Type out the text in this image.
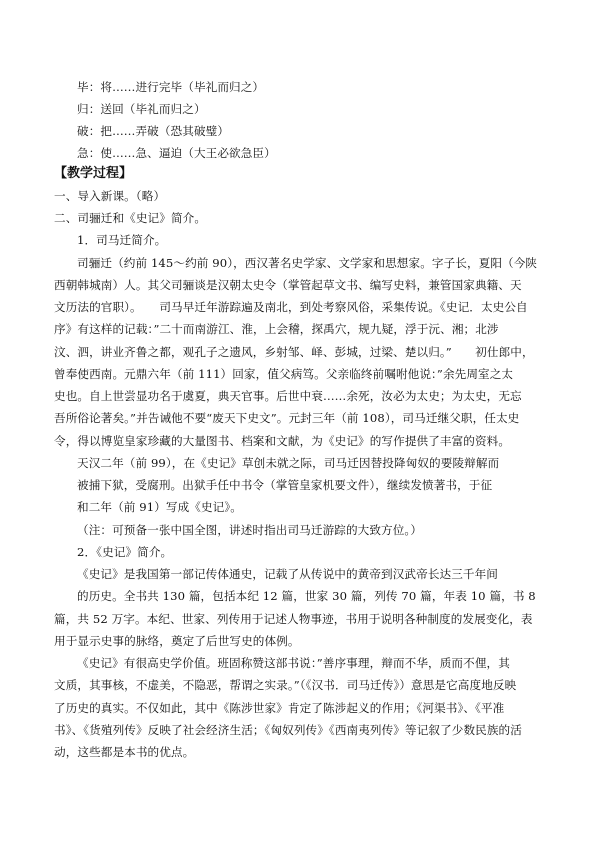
毕：将……进行完毕（毕礼而归之）
归：送回（毕礼而归之）
破：把……弄破（恐其破璧）
急：使……急、逼迫（大王必欲急臣）
【教学过程】
一、导入新课。（略）
二、司骊迁和《史记》简介。
1．司马迁简介。
司骊迁（约前 145～约前 90），西汉著名史学家、文学家和思想家。字子长，夏阳（今陕
西朝韩城南）人。其父司骊谈是汉朝太史令（掌管起草文书、编写史料，兼管国家典籍、天
文历法的官职）。　　司马早迁年游踪遍及南北，到处考察风俗，采集传说。《史记．太史公自
序》有这样的记载：”二十而南游江、淮，上会稽，探禹穴，规九疑，浮于沅、湘；北涉
汶、泗，讲业齐鲁之都，观孔子之遗风，乡射邹、峄、彭城，过梁、楚以归。”　　初仕郎中，
曾奉使西南。元鼎六年（前 111）回家，值父病笃。父亲临终前嘱咐他说：”余先周室之太
史也。自上世尝显功名于虞夏，典天官事。后世中衰……余死，汝必为太史；为太史，无忘
吾所俗论著矣。”并告诫他不要“废天下史文”。元封三年（前 108），司马迁继父职，任太史
令，得以博览皇家珍藏的大量图书、档案和文献，为《史记》的写作提供了丰富的资料。
天汉二年（前 99），在《史记》草创未就之际，司马迁因替投降匈奴的要陵辩解而
被捕下狱，受腐刑。出狱手任中书令（掌管皇家机要文件），继续发愤著书，于征
和二年（前 91）写成《史记》。
（注：可预备一张中国全图，讲述时指出司马迁游踪的大致方位。）
2．《史记》简介。
《史记》是我国第一部记传体通史，记载了从传说中的黄帝到汉武帝长达三千年间
的历史。全书共 130 篇，包括本纪 12 篇，世家 30 篇，列传 70 篇，年表 10 篇，书 8
篇，共 52 万字。本纪、世家、列传用于记述人物事迹，书用于说明各种制度的发展变化，表
用于显示史事的脉络，奠定了后世写史的体例。
《史记》有很高史学价值。班固称赞这部书说：”善序事理，辩而不华，质而不俚，其
文质，其事核，不虚美，不隐恶，帮谓之实录。”（《汉书．司马迁传》）意思是它高度地反映
了历史的真实。不仅如此，其中《陈涉世家》肯定了陈涉起义的作用；《河渠书》、《平准
书》、《货殖列传》反映了社会经济生活；《匈奴列传》《西南夷列传》等记叙了少数民族的活
动，这些都是本书的优点。
